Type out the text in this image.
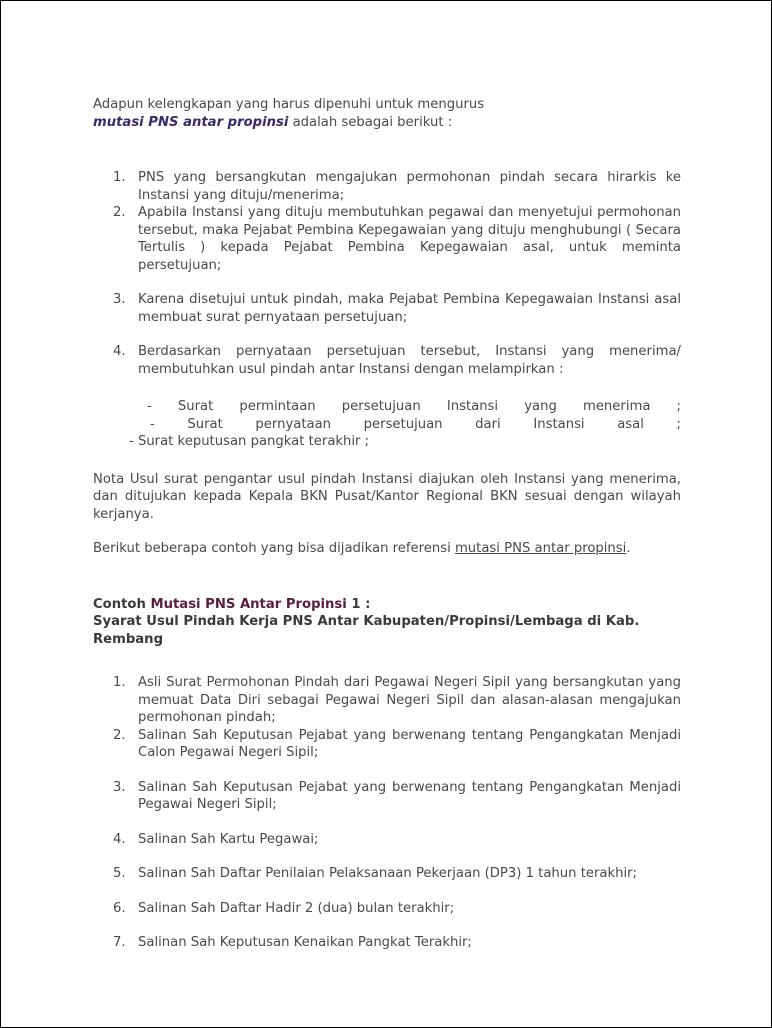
Adapun kelengkapan yang harus dipenuhi untuk mengurus
mutasi PNS antar propinsi adalah sebagai berikut :

1. PNS yang bersangkutan mengajukan permohonan pindah secara hirarkis ke Instansi yang dituju/menerima;
2. Apabila Instansi yang dituju membutuhkan pegawai dan menyetujui permohonan tersebut, maka Pejabat Pembina Kepegawaian yang dituju menghubungi ( Secara Tertulis ) kepada Pejabat Pembina Kepegawaian asal, untuk meminta persetujuan;
3. Karena disetujui untuk pindah, maka Pejabat Pembina Kepegawaian Instansi asal membuat surat pernyataan persetujuan;
4. Berdasarkan pernyataan persetujuan tersebut, Instansi yang menerima/ membutuhkan usul pindah antar Instansi dengan melampirkan :
- Surat permintaan persetujuan Instansi yang menerima ;
- Surat pernyataan persetujuan dari Instansi asal ;
- Surat keputusan pangkat terakhir ;

Nota Usul surat pengantar usul pindah Instansi diajukan oleh Instansi yang menerima, dan ditujukan kepada Kepala BKN Pusat/Kantor Regional BKN sesuai dengan wilayah kerjanya.

Berikut beberapa contoh yang bisa dijadikan referensi mutasi PNS antar propinsi.

Contoh Mutasi PNS Antar Propinsi 1 :
Syarat Usul Pindah Kerja PNS Antar Kabupaten/Propinsi/Lembaga di Kab. Rembang
1. Asli Surat Permohonan Pindah dari Pegawai Negeri Sipil yang bersangkutan yang memuat Data Diri sebagai Pegawai Negeri Sipil dan alasan-alasan mengajukan permohonan pindah;
2. Salinan Sah Keputusan Pejabat yang berwenang tentang Pengangkatan Menjadi Calon Pegawai Negeri Sipil;
3. Salinan Sah Keputusan Pejabat yang berwenang tentang Pengangkatan Menjadi Pegawai Negeri Sipil;
4. Salinan Sah Kartu Pegawai;
5. Salinan Sah Daftar Penilaian Pelaksanaan Pekerjaan (DP3) 1 tahun terakhir;
6. Salinan Sah Daftar Hadir 2 (dua) bulan terakhir;
7. Salinan Sah Keputusan Kenaikan Pangkat Terakhir;
